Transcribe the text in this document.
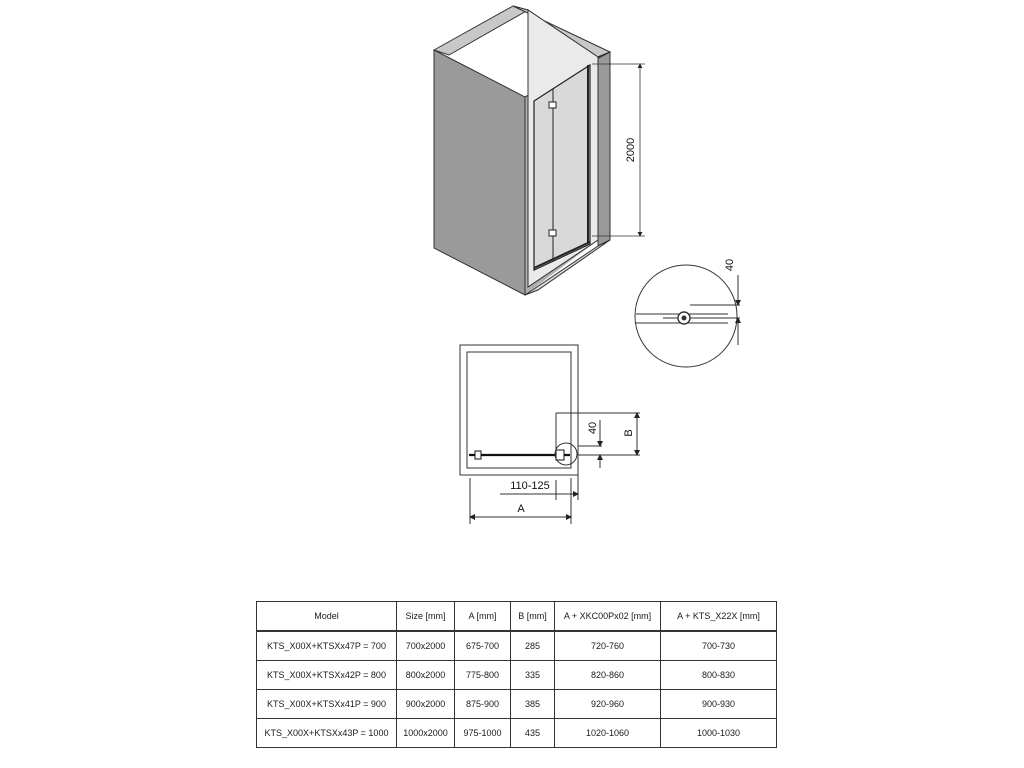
2000
40
40 B
110-125
A
Model	Size [mm]	A [mm]	B [mm]	A + XKC00Px02 [mm]	A + KTS_X22X [mm]
KTS_X00X+KTSXx47P = 700	700x2000	675-700	285	720-760	700-730
KTS_X00X+KTSXx42P = 800	800x2000	775-800	335	820-860	800-830
KTS_X00X+KTSXx41P = 900	900x2000	875-900	385	920-960	900-930
KTS_X00X+KTSXx43P = 1000	1000x2000	975-1000	435	1020-1060	1000-1030
